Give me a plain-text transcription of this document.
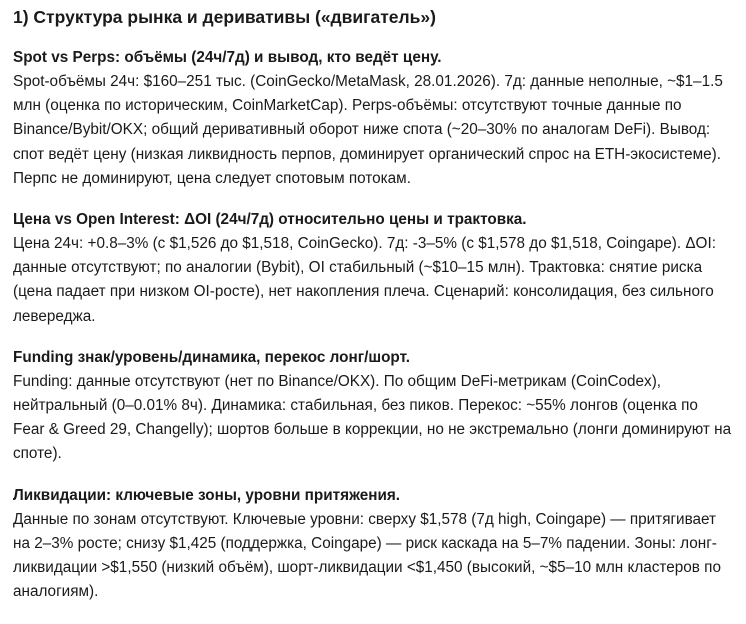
1) Структура рынка и деривативы («двигатель»)
Spot vs Perps: объёмы (24ч/7д) и вывод, кто ведёт цену.

Spot-объёмы 24ч: $160–251 тыс. (CoinGecko/MetaMask, 28.01.2026). 7д: данные неполные, ~$1–1.5 млн (оценка по историческим, CoinMarketCap). Perps-объёмы: отсутствуют точные данные по Binance/Bybit/OKX; общий деривативный оборот ниже спота (~20–30% по аналогам DeFi). Вывод: спот ведёт цену (низкая ликвидность перпов, доминирует органический спрос на ETH-экосистеме). Перпс не доминируют, цена следует спотовым потокам.

Цена vs Open Interest: ΔOI (24ч/7д) относительно цены и трактовка.

Цена 24ч: +0.8–3% (с $1,526 до $1,518, CoinGecko). 7д: -3–5% (с $1,578 до $1,518, Coingape). ΔOI: данные отсутствуют; по аналогии (Bybit), OI стабильный (~$10–15 млн). Трактовка: снятие риска (цена падает при низком OI-росте), нет накопления плеча. Сценарий: консолидация, без сильного левереджа.

Funding знак/уровень/динамика, перекос лонг/шорт.

Funding: данные отсутствуют (нет по Binance/OKX). По общим DeFi-метрикам (CoinCodex), нейтральный (0–0.01% 8ч). Динамика: стабильная, без пиков. Перекос: ~55% лонгов (оценка по Fear & Greed 29, Changelly); шортов больше в коррекции, но не экстремально (лонги доминируют на споте).

Ликвидации: ключевые зоны, уровни притяжения.

Данные по зонам отсутствуют. Ключевые уровни: сверху $1,578 (7д high, Coingape) — притягивает на 2–3% росте; снизу $1,425 (поддержка, Coingape) — риск каскада на 5–7% падении. Зоны: лонг-ликвидации >$1,550 (низкий объём), шорт-ликвидации <$1,450 (высокий, ~$5–10 млн кластеров по аналогиям).
